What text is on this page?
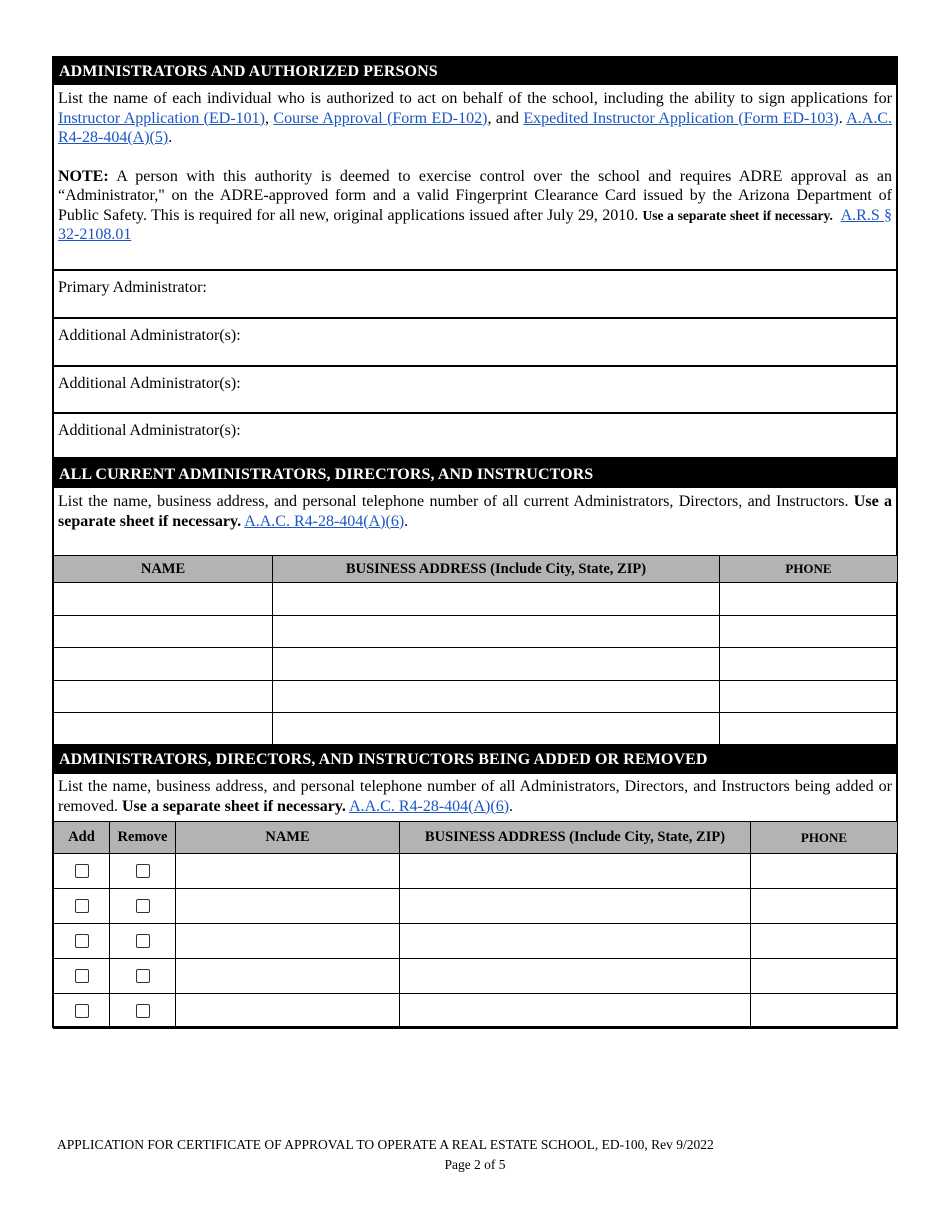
ADMINISTRATORS AND AUTHORIZED PERSONS
List the name of each individual who is authorized to act on behalf of the school, including the ability to sign applications for Instructor Application (ED-101), Course Approval (Form ED-102), and Expedited Instructor Application (Form ED-103). A.A.C. R4-28-404(A)(5).
NOTE: A person with this authority is deemed to exercise control over the school and requires ADRE approval as an “Administrator," on the ADRE-approved form and a valid Fingerprint Clearance Card issued by the Arizona Department of Public Safety. This is required for all new, original applications issued after July 29, 2010. Use a separate sheet if necessary. A.R.S § 32-2108.01
Primary Administrator:
Additional Administrator(s):
Additional Administrator(s):
Additional Administrator(s):
ALL CURRENT ADMINISTRATORS, DIRECTORS, AND INSTRUCTORS
List the name, business address, and personal telephone number of all current Administrators, Directors, and Instructors. Use a separate sheet if necessary. A.A.C. R4-28-404(A)(6).
NAME	BUSINESS ADDRESS (Include City, State, ZIP)	PHONE

ADMINISTRATORS, DIRECTORS, AND INSTRUCTORS BEING ADDED OR REMOVED
List the name, business address, and personal telephone number of all Administrators, Directors, and Instructors being added or removed. Use a separate sheet if necessary. A.A.C. R4-28-404(A)(6).
Add	Remove	NAME	BUSINESS ADDRESS (Include City, State, ZIP)	PHONE

APPLICATION FOR CERTIFICATE OF APPROVAL TO OPERATE A REAL ESTATE SCHOOL, ED-100, Rev 9/2022
Page 2 of 5
